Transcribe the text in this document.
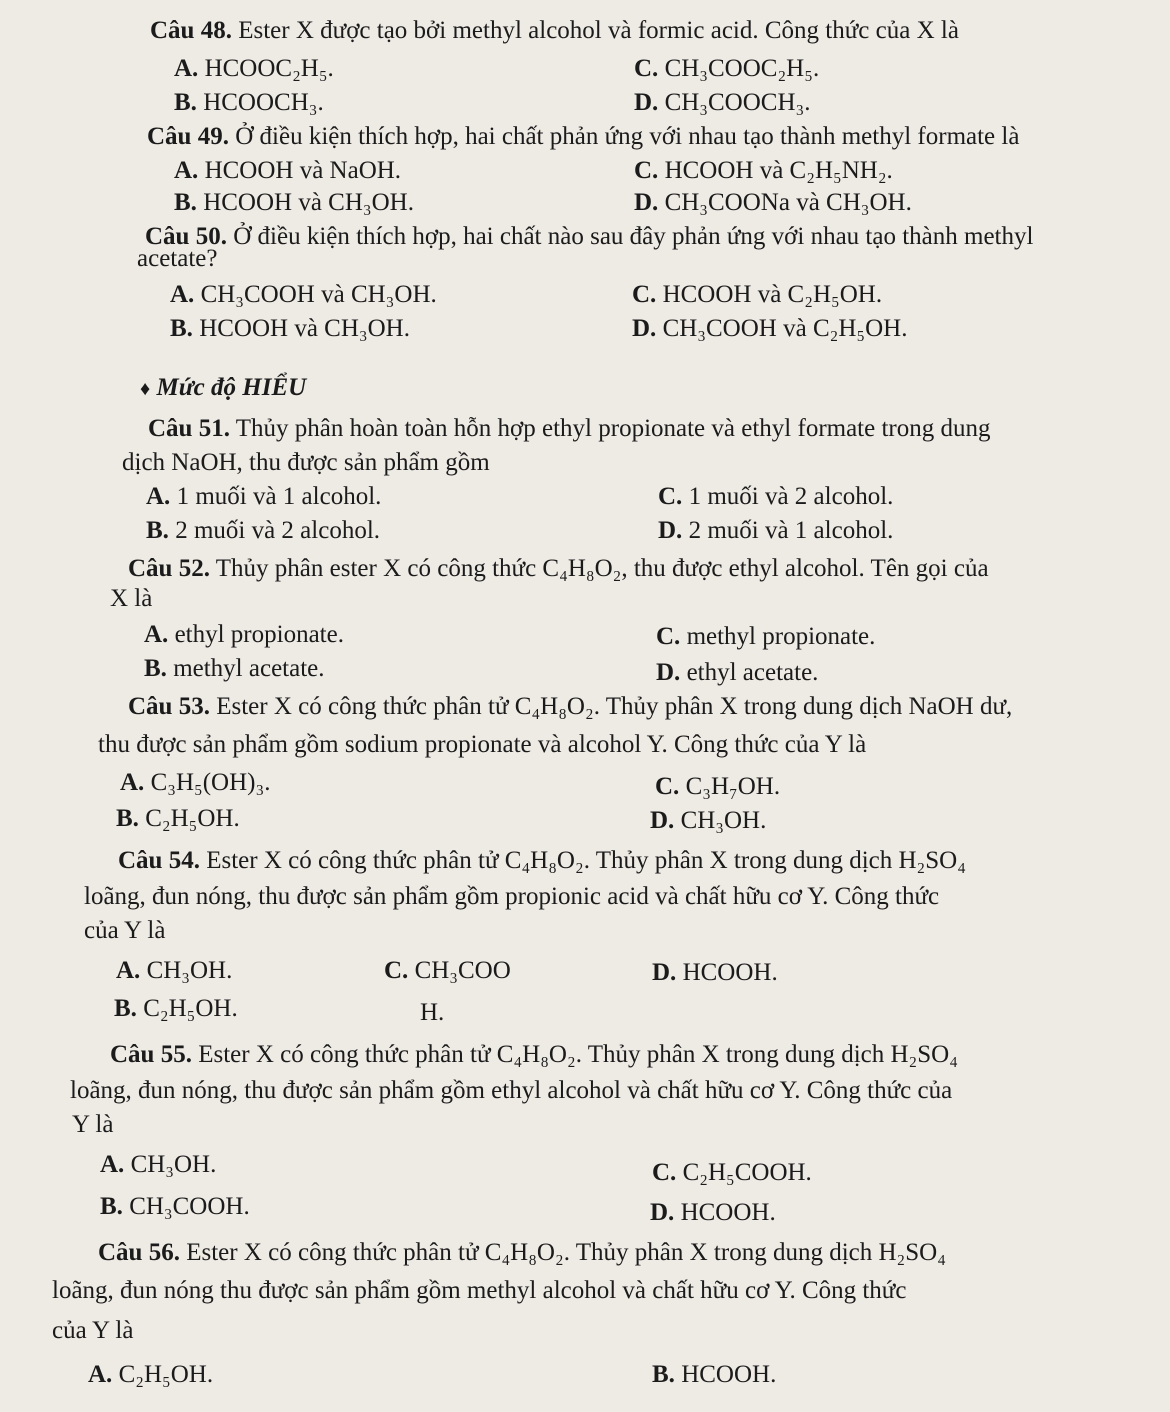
Câu 48. Ester X được tạo bởi methyl alcohol và formic acid. Công thức của X là
A. HCOOC₂H₅.	C. CH₃COOC₂H₅.
B. HCOOCH₃.	D. CH₃COOCH₃.
Câu 49. Ở điều kiện thích hợp, hai chất phản ứng với nhau tạo thành methyl formate là
A. HCOOH và NaOH.	C. HCOOH và C₂H₅NH₂.
B. HCOOH và CH₃OH.	D. CH₃COONa và CH₃OH.
Câu 50. Ở điều kiện thích hợp, hai chất nào sau đây phản ứng với nhau tạo thành methyl
acetate?
A. CH₃COOH và CH₃OH.	C. HCOOH và C₂H₅OH.
B. HCOOH và CH₃OH.	D. CH₃COOH và C₂H₅OH.
♦ Mức độ HIỂU
Câu 51. Thủy phân hoàn toàn hỗn hợp ethyl propionate và ethyl formate trong dung
dịch NaOH, thu được sản phẩm gồm
A. 1 muối và 1 alcohol.	C. 1 muối và 2 alcohol.
B. 2 muối và 2 alcohol.	D. 2 muối và 1 alcohol.
Câu 52. Thủy phân ester X có công thức C₄H₈O₂, thu được ethyl alcohol. Tên gọi của
X là
A. ethyl propionate.	C. methyl propionate.
B. methyl acetate.	D. ethyl acetate.
Câu 53. Ester X có công thức phân tử C₄H₈O₂. Thủy phân X trong dung dịch NaOH dư,
thu được sản phẩm gồm sodium propionate và alcohol Y. Công thức của Y là
A. C₃H₅(OH)₃.	C. C₃H₇OH.
B. C₂H₅OH.	D. CH₃OH.
Câu 54. Ester X có công thức phân tử C₄H₈O₂. Thủy phân X trong dung dịch H₂SO₄
loãng, đun nóng, thu được sản phẩm gồm propionic acid và chất hữu cơ Y. Công thức
của Y là
A. CH₃OH.	C. CH₃COO	D. HCOOH.
B. C₂H₅OH.	H.
Câu 55. Ester X có công thức phân tử C₄H₈O₂. Thủy phân X trong dung dịch H₂SO₄
loãng, đun nóng, thu được sản phẩm gồm ethyl alcohol và chất hữu cơ Y. Công thức của
Y là
A. CH₃OH.	C. C₂H₅COOH.
B. CH₃COOH.	D. HCOOH.
Câu 56. Ester X có công thức phân tử C₄H₈O₂. Thủy phân X trong dung dịch H₂SO₄
loãng, đun nóng thu được sản phẩm gồm methyl alcohol và chất hữu cơ Y. Công thức
của Y là
A. C₂H₅OH.	B. HCOOH.
